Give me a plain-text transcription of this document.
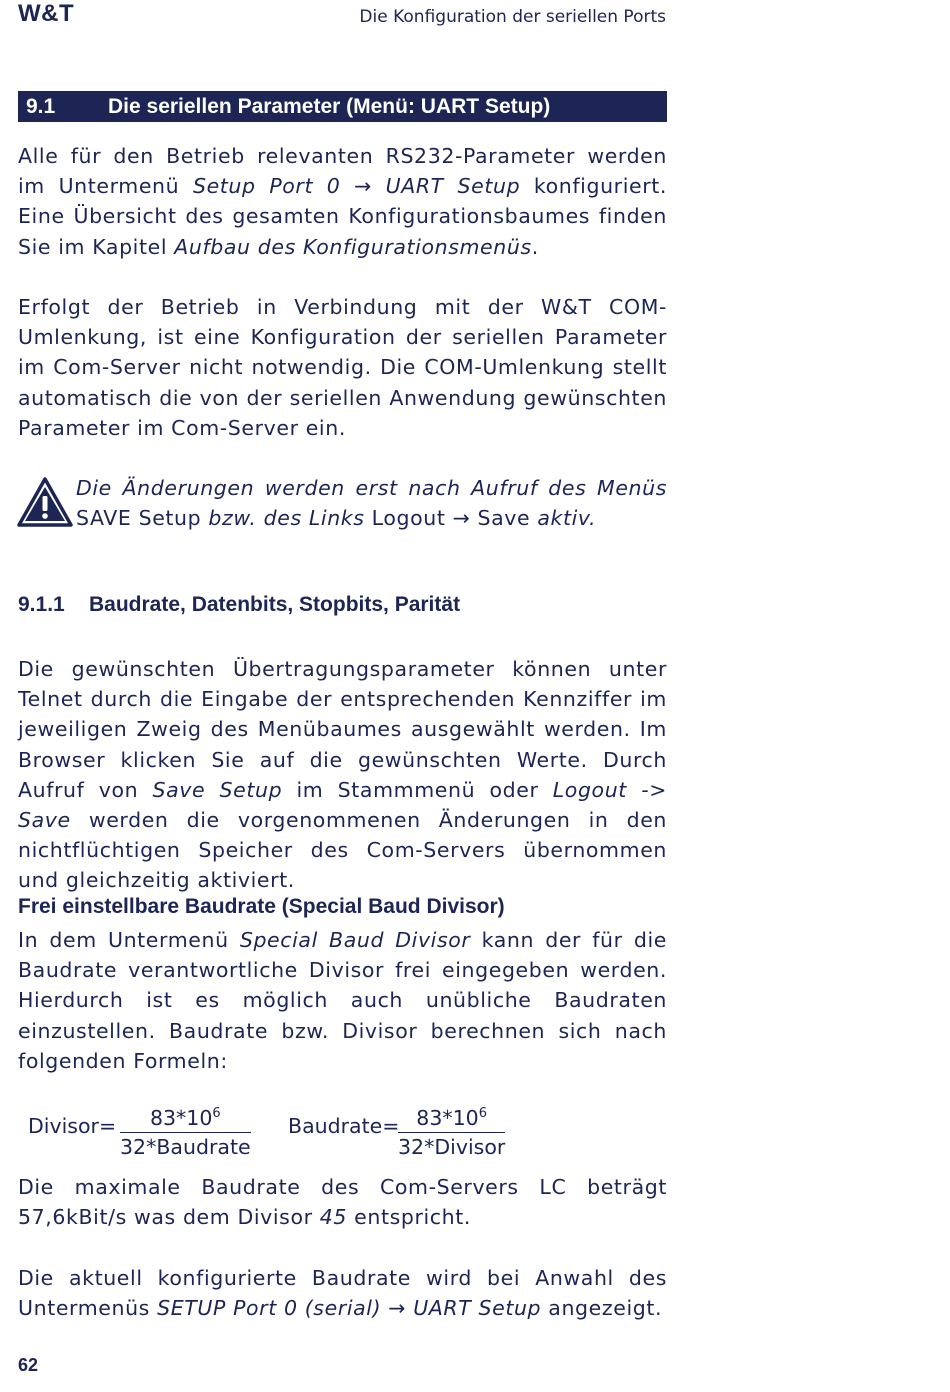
W&T	Die Konfiguration der seriellen Ports
9.1	Die seriellen Parameter (Menü: UART Setup)
Alle für den Betrieb relevanten RS232-Parameter werden im Untermenü Setup Port 0 → UART Setup konfiguriert. Eine Übersicht des gesamten Konfigurationsbaumes finden Sie im Kapitel Aufbau des Konfigurationsmenüs.
Erfolgt der Betrieb in Verbindung mit der W&T COM-Umlenkung, ist eine Konfiguration der seriellen Parameter im Com-Server nicht notwendig. Die COM-Umlenkung stellt automatisch die von der seriellen Anwendung gewünschten Parameter im Com-Server ein.
Die Änderungen werden erst nach Aufruf des Menüs SAVE Setup bzw. des Links Logout → Save aktiv.
9.1.1 Baudrate, Datenbits, Stopbits, Parität
Die gewünschten Übertragungsparameter können unter Telnet durch die Eingabe der entsprechenden Kennziffer im jeweiligen Zweig des Menübaumes ausgewählt werden. Im Browser klicken Sie auf die gewünschten Werte. Durch Aufruf von Save Setup im Stammmenü oder Logout -> Save werden die vorgenommenen Änderungen in den nichtflüchtigen Speicher des Com-Servers übernommen und gleichzeitig aktiviert.
Frei einstellbare Baudrate (Special Baud Divisor)
In dem Untermenü Special Baud Divisor kann der für die Baudrate verantwortliche Divisor frei eingegeben werden. Hierdurch ist es möglich auch unübliche Baudraten einzustellen. Baudrate bzw. Divisor berechnen sich nach folgenden Formeln:
Divisor=	$83*10^6$
32*Baudrate
Baudrate= $83*10^6$
32*Divisor
Die maximale Baudrate des Com-Servers LC beträgt 57,6kBit/s was dem Divisor 45 entspricht.
Die aktuell konfigurierte Baudrate wird bei Anwahl des Untermenüs SETUP Port 0 (serial) → UART Setup angezeigt.
62
